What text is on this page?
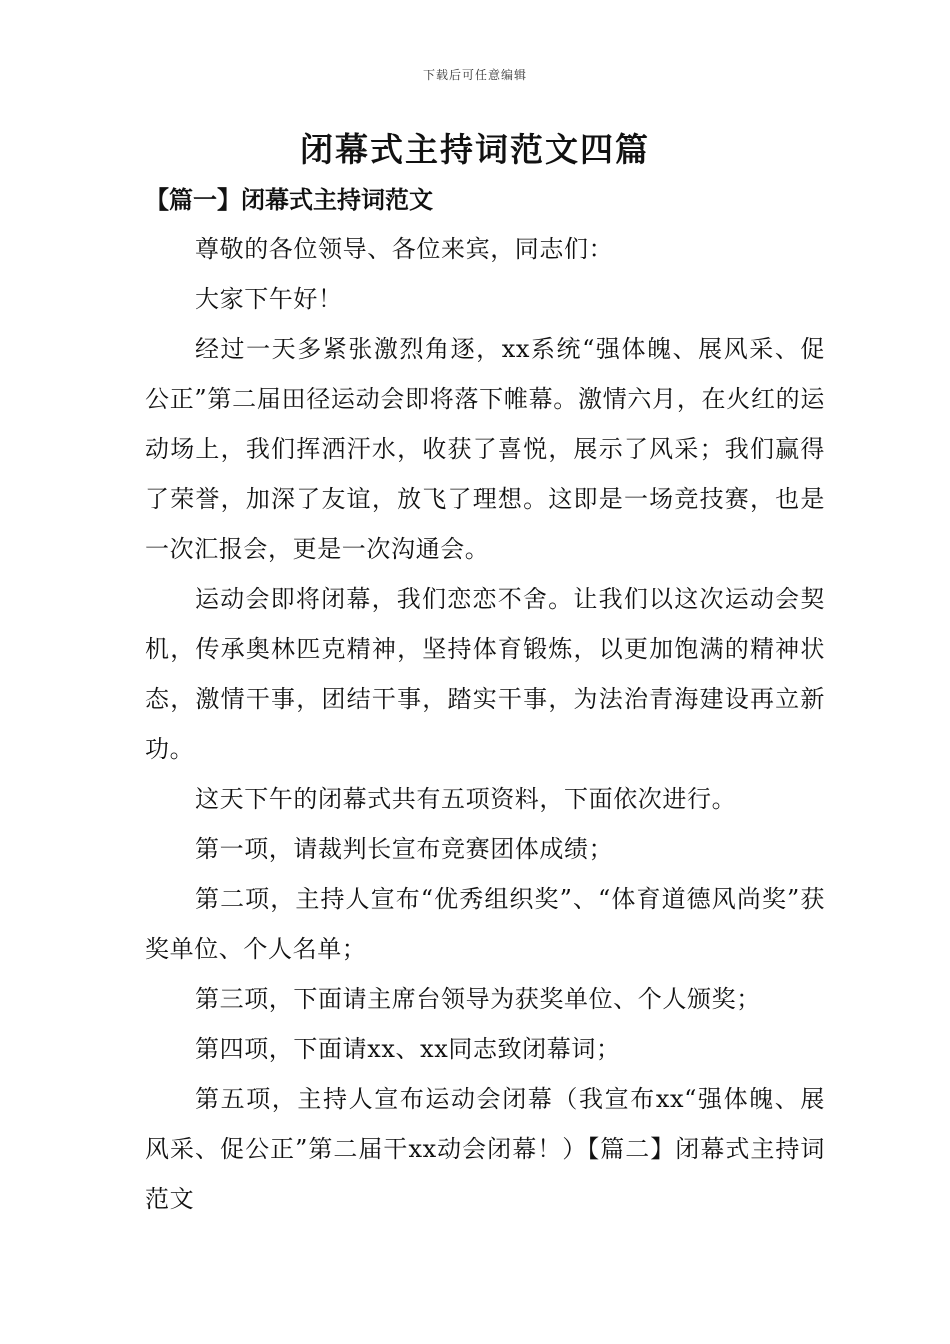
下载后可任意编辑
闭幕式主持词范文四篇
【篇一】闭幕式主持词范文

尊敬的各位领导、各位来宾，同志们：

大家下午好！

经过一天多紧张激烈角逐，xx系统“强体魄、展风采、促公正”第二届田径运动会即将落下帷幕。激情六月，在火红的运动场上，我们挥洒汗水，收获了喜悦，展示了风采；我们赢得了荣誉，加深了友谊，放飞了理想。这即是一场竞技赛，也是一次汇报会，更是一次沟通会。

运动会即将闭幕，我们恋恋不舍。让我们以这次运动会契机，传承奥林匹克精神，坚持体育锻炼，以更加饱满的精神状态，激情干事，团结干事，踏实干事，为法治青海建设再立新功。

这天下午的闭幕式共有五项资料，下面依次进行。

第一项，请裁判长宣布竞赛团体成绩；

第二项，主持人宣布“优秀组织奖”、“体育道德风尚奖”获奖单位、个人名单；

第三项，下面请主席台领导为获奖单位、个人颁奖；

第四项，下面请xx、xx同志致闭幕词；

第五项，主持人宣布运动会闭幕（我宣布xx“强体魄、展风采、促公正”第二届干xx动会闭幕！）【篇二】闭幕式主持词范文
